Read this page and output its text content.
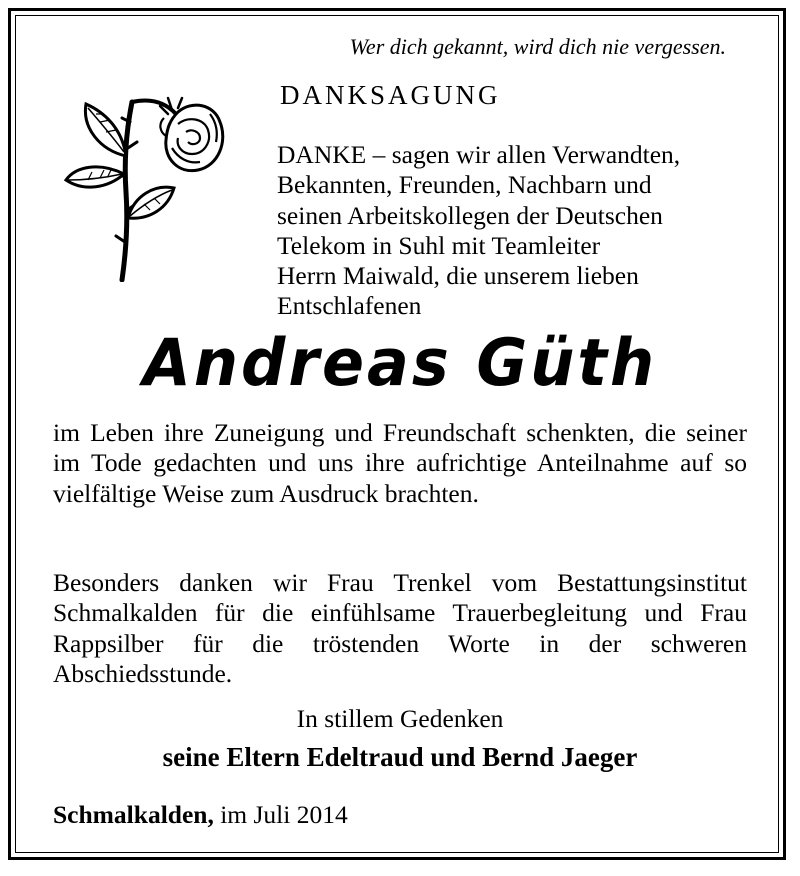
Wer dich gekannt, wird dich nie vergessen.
DANKSAGUNG
DANKE – sagen wir allen Verwandten,
Bekannten, Freunden, Nachbarn und
seinen Arbeitskollegen der Deutschen
Telekom in Suhl mit Teamleiter
Herrn Maiwald, die unserem lieben
Entschlafenen
Andreas Güth
im Leben ihre Zuneigung und Freundschaft schenkten, die seiner im Tode gedachten und uns ihre aufrichtige Anteilnahme auf so vielfältige Weise zum Ausdruck brachten.
Besonders danken wir Frau Trenkel vom Bestattungsinstitut Schmalkalden für die einfühlsame Trauerbegleitung und Frau Rappsilber für die tröstenden Worte in der schweren Abschiedsstunde.
In stillem Gedenken
seine Eltern Edeltraud und Bernd Jaeger
Schmalkalden, im Juli 2014
